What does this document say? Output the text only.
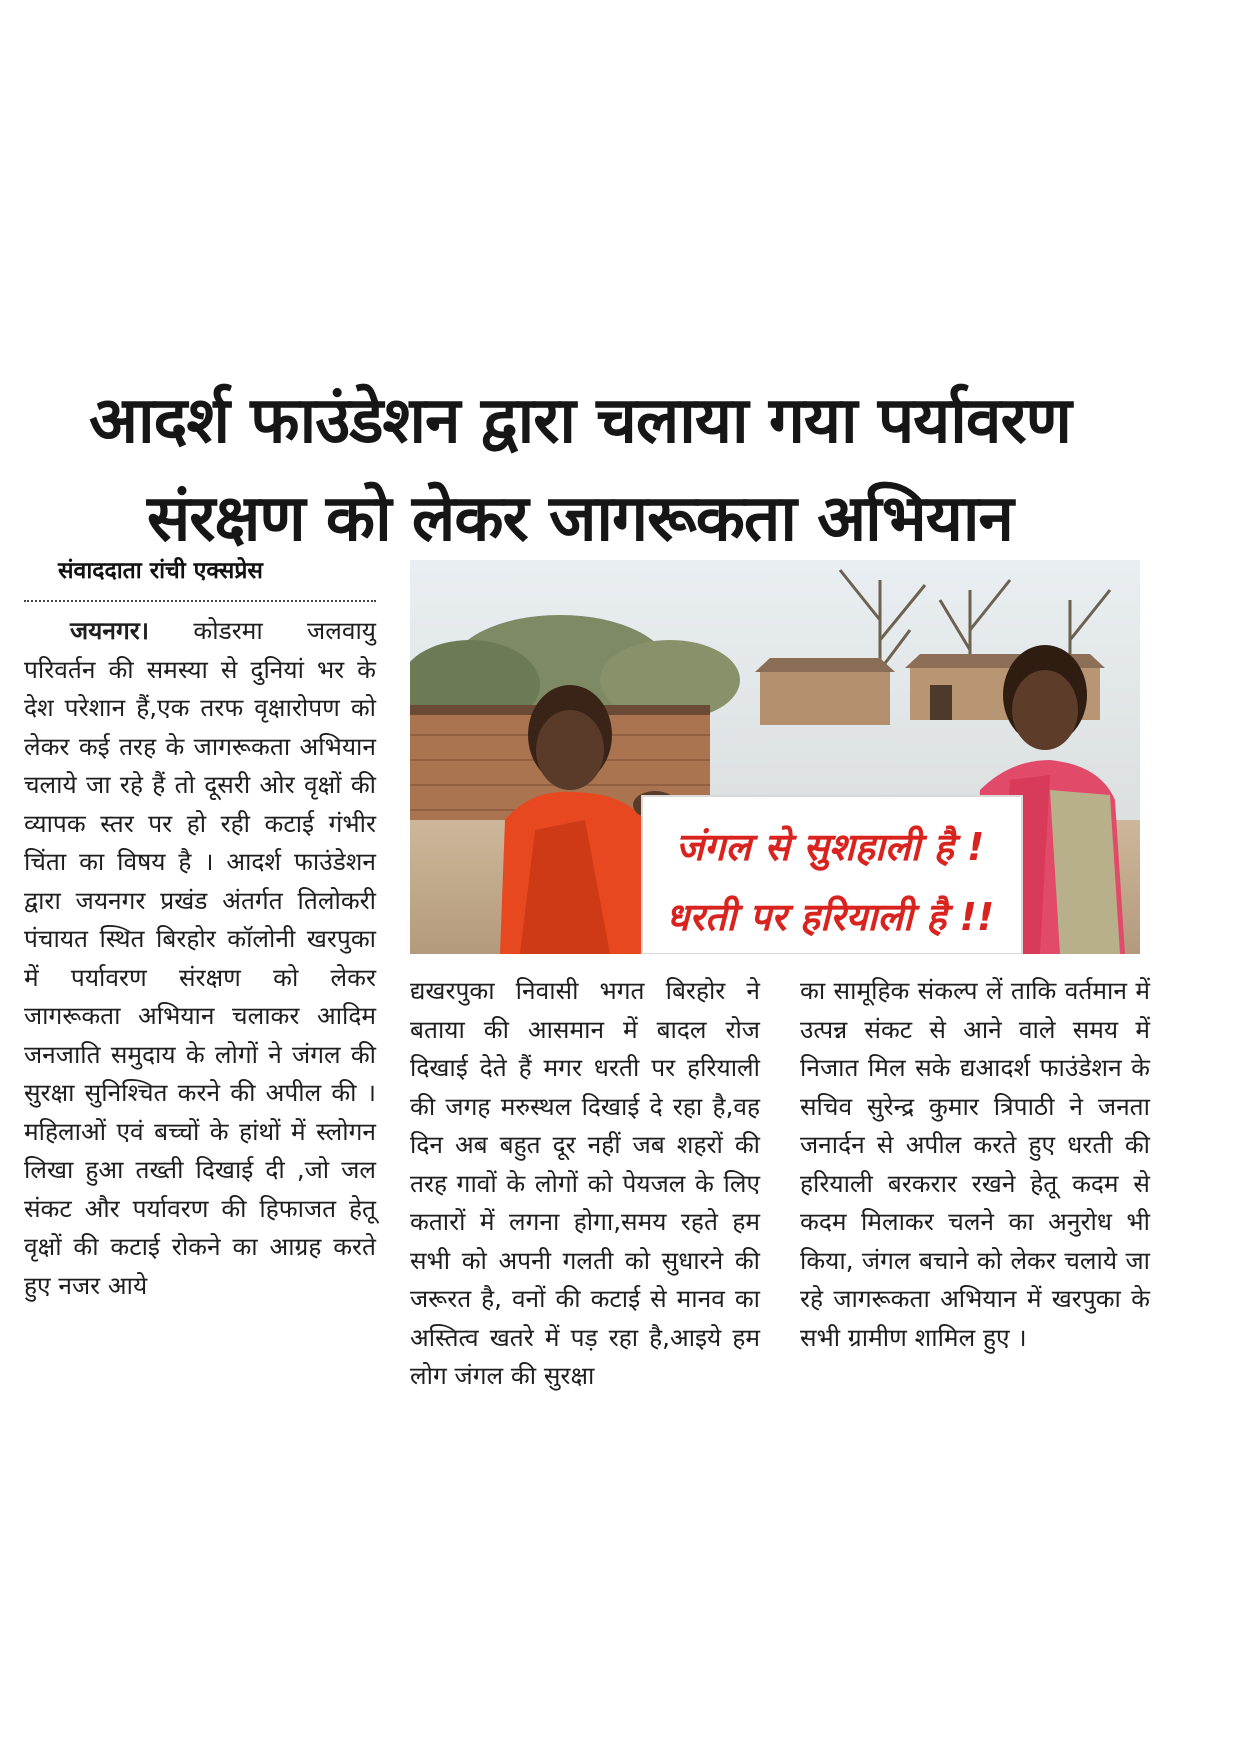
आदर्श फाउंडेशन द्वारा चलाया गया पर्यावरण
संरक्षण को लेकर जागरूकता अभियान
संवाददाता रांची एक्सप्रेस

जयनगर। कोडरमा जलवायु परिवर्तन की समस्या से दुनियां भर के देश परेशान हैं,एक तरफ वृक्षारोपण को लेकर कई तरह के जागरूकता अभियान चलाये जा रहे हैं तो दूसरी ओर वृक्षों की व्यापक स्तर पर हो रही कटाई गंभीर चिंता का विषय है । आदर्श फाउंडेशन द्वारा जयनगर प्रखंड अंतर्गत तिलोकरी पंचायत स्थित बिरहोर कॉलोनी खरपुका में पर्यावरण संरक्षण को लेकर जागरूकता अभियान चलाकर आदिम जनजाति समुदाय के लोगों ने जंगल की सुरक्षा सुनिश्चित करने की अपील की । महिलाओं एवं बच्चों के हांथों में स्लोगन लिखा हुआ तख्ती दिखाई दी ,जो जल संकट और पर्यावरण की हिफाजत हेतू वृक्षों की कटाई रोकने का आग्रह करते हुए नजर आये

जंगल से सुशहाली है !
धरती पर हरियाली है !!

द्यखरपुका निवासी भगत बिरहोर ने बताया की आसमान में बादल रोज दिखाई देते हैं मगर धरती पर हरियाली की जगह मरुस्थल दिखाई दे रहा है,वह दिन अब बहुत दूर नहीं जब शहरों की तरह गावों के लोगों को पेयजल के लिए कतारों में लगना होगा,समय रहते हम सभी को अपनी गलती को सुधारने की जरूरत है, वनों की कटाई से मानव का अस्तित्व खतरे में पड़ रहा है,आइये हम लोग जंगल की सुरक्षा

का सामूहिक संकल्प लें ताकि वर्तमान में उत्पन्न संकट से आने वाले समय में निजात मिल सके द्यआदर्श फाउंडेशन के सचिव सुरेन्द्र कुमार त्रिपाठी ने जनता जनार्दन से अपील करते हुए धरती की हरियाली बरकरार रखने हेतू कदम से कदम मिलाकर चलने का अनुरोध भी किया, जंगल बचाने को लेकर चलाये जा रहे जागरूकता अभियान में खरपुका के सभी ग्रामीण शामिल हुए ।
